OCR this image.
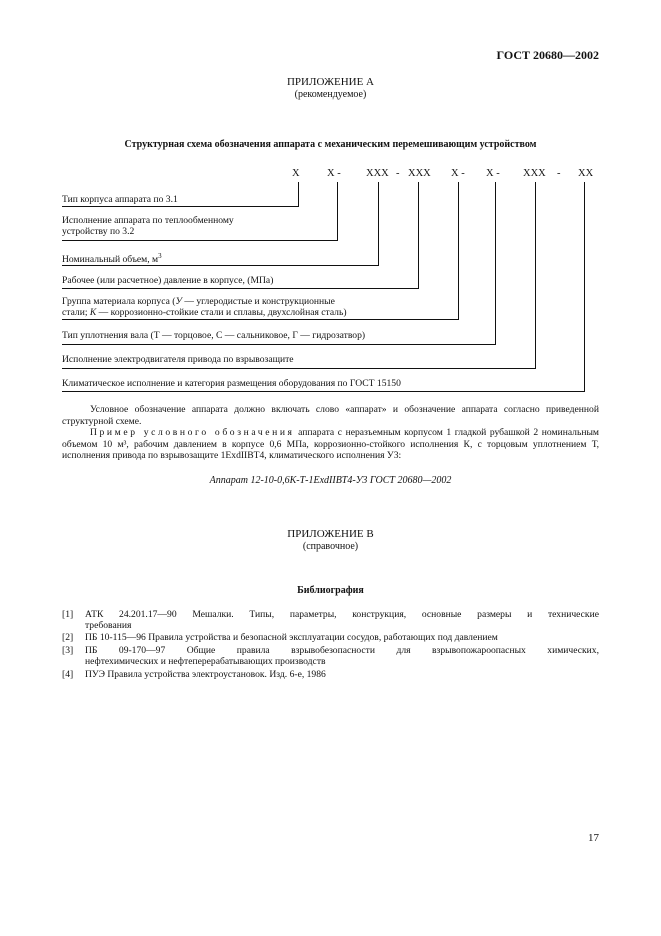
ГОСТ 20680—2002
ПРИЛОЖЕНИЕ А
(рекомендуемое)
Структурная схема обозначения аппарата с механическим перемешивающим устройством
X	X - XXX - XXX X - X - XXX - XX
Тип корпуса аппарата по 3.1
Исполнение аппарата по теплообменному
устройству по 3.2
Номинальный объем, $м^3$
Рабочее (или расчетное) давление в корпусе, (МПа)
Группа материала корпуса (У — углеродистые и конструкционные
стали; К — коррозионно-стойкие стали и сплавы, двухслойная сталь)
Тип уплотнения вала (Т — торцовое, С — сальниковое, Г — гидрозатвор)
Исполнение электродвигателя привода по взрывозащите
Климатическое исполнение и категория размещения оборудования по ГОСТ 15150
Условное обозначение аппарата должно включать слово «аппарат» и обозначение аппарата согласно приведенной структурной схеме.
Пример условного обозначения аппарата с неразъемным корпусом 1 гладкой рубашкой 2 номинальным объемом 10 м³, рабочим давлением в корпусе 0,6 МПа, коррозионно-стойкого исполнения К, с торцовым уплотнением Т, исполнения привода по взрывозащите 1ExdIIBT4, климатического исполнения У3:
Аппарат 12-10-0,6К-Т-1ExdIIBT4-У3 ГОСТ 20680—2002
ПРИЛОЖЕНИЕ В
(справочное)
Библиография
[1] АТК 24.201.17—90 Мешалки. Типы, параметры, конструкция, основные размеры и технические
требования
[2] ПБ 10-115—96 Правила устройства и безопасной эксплуатации сосудов, работающих под давлением
[3] ПБ 09-170—97 Общие правила взрывобезопасности для взрывопожароопасных химических,
нефтехимических и нефтеперерабатывающих производств
[4] ПУЭ Правила устройства электроустановок. Изд. 6-е, 1986
17
